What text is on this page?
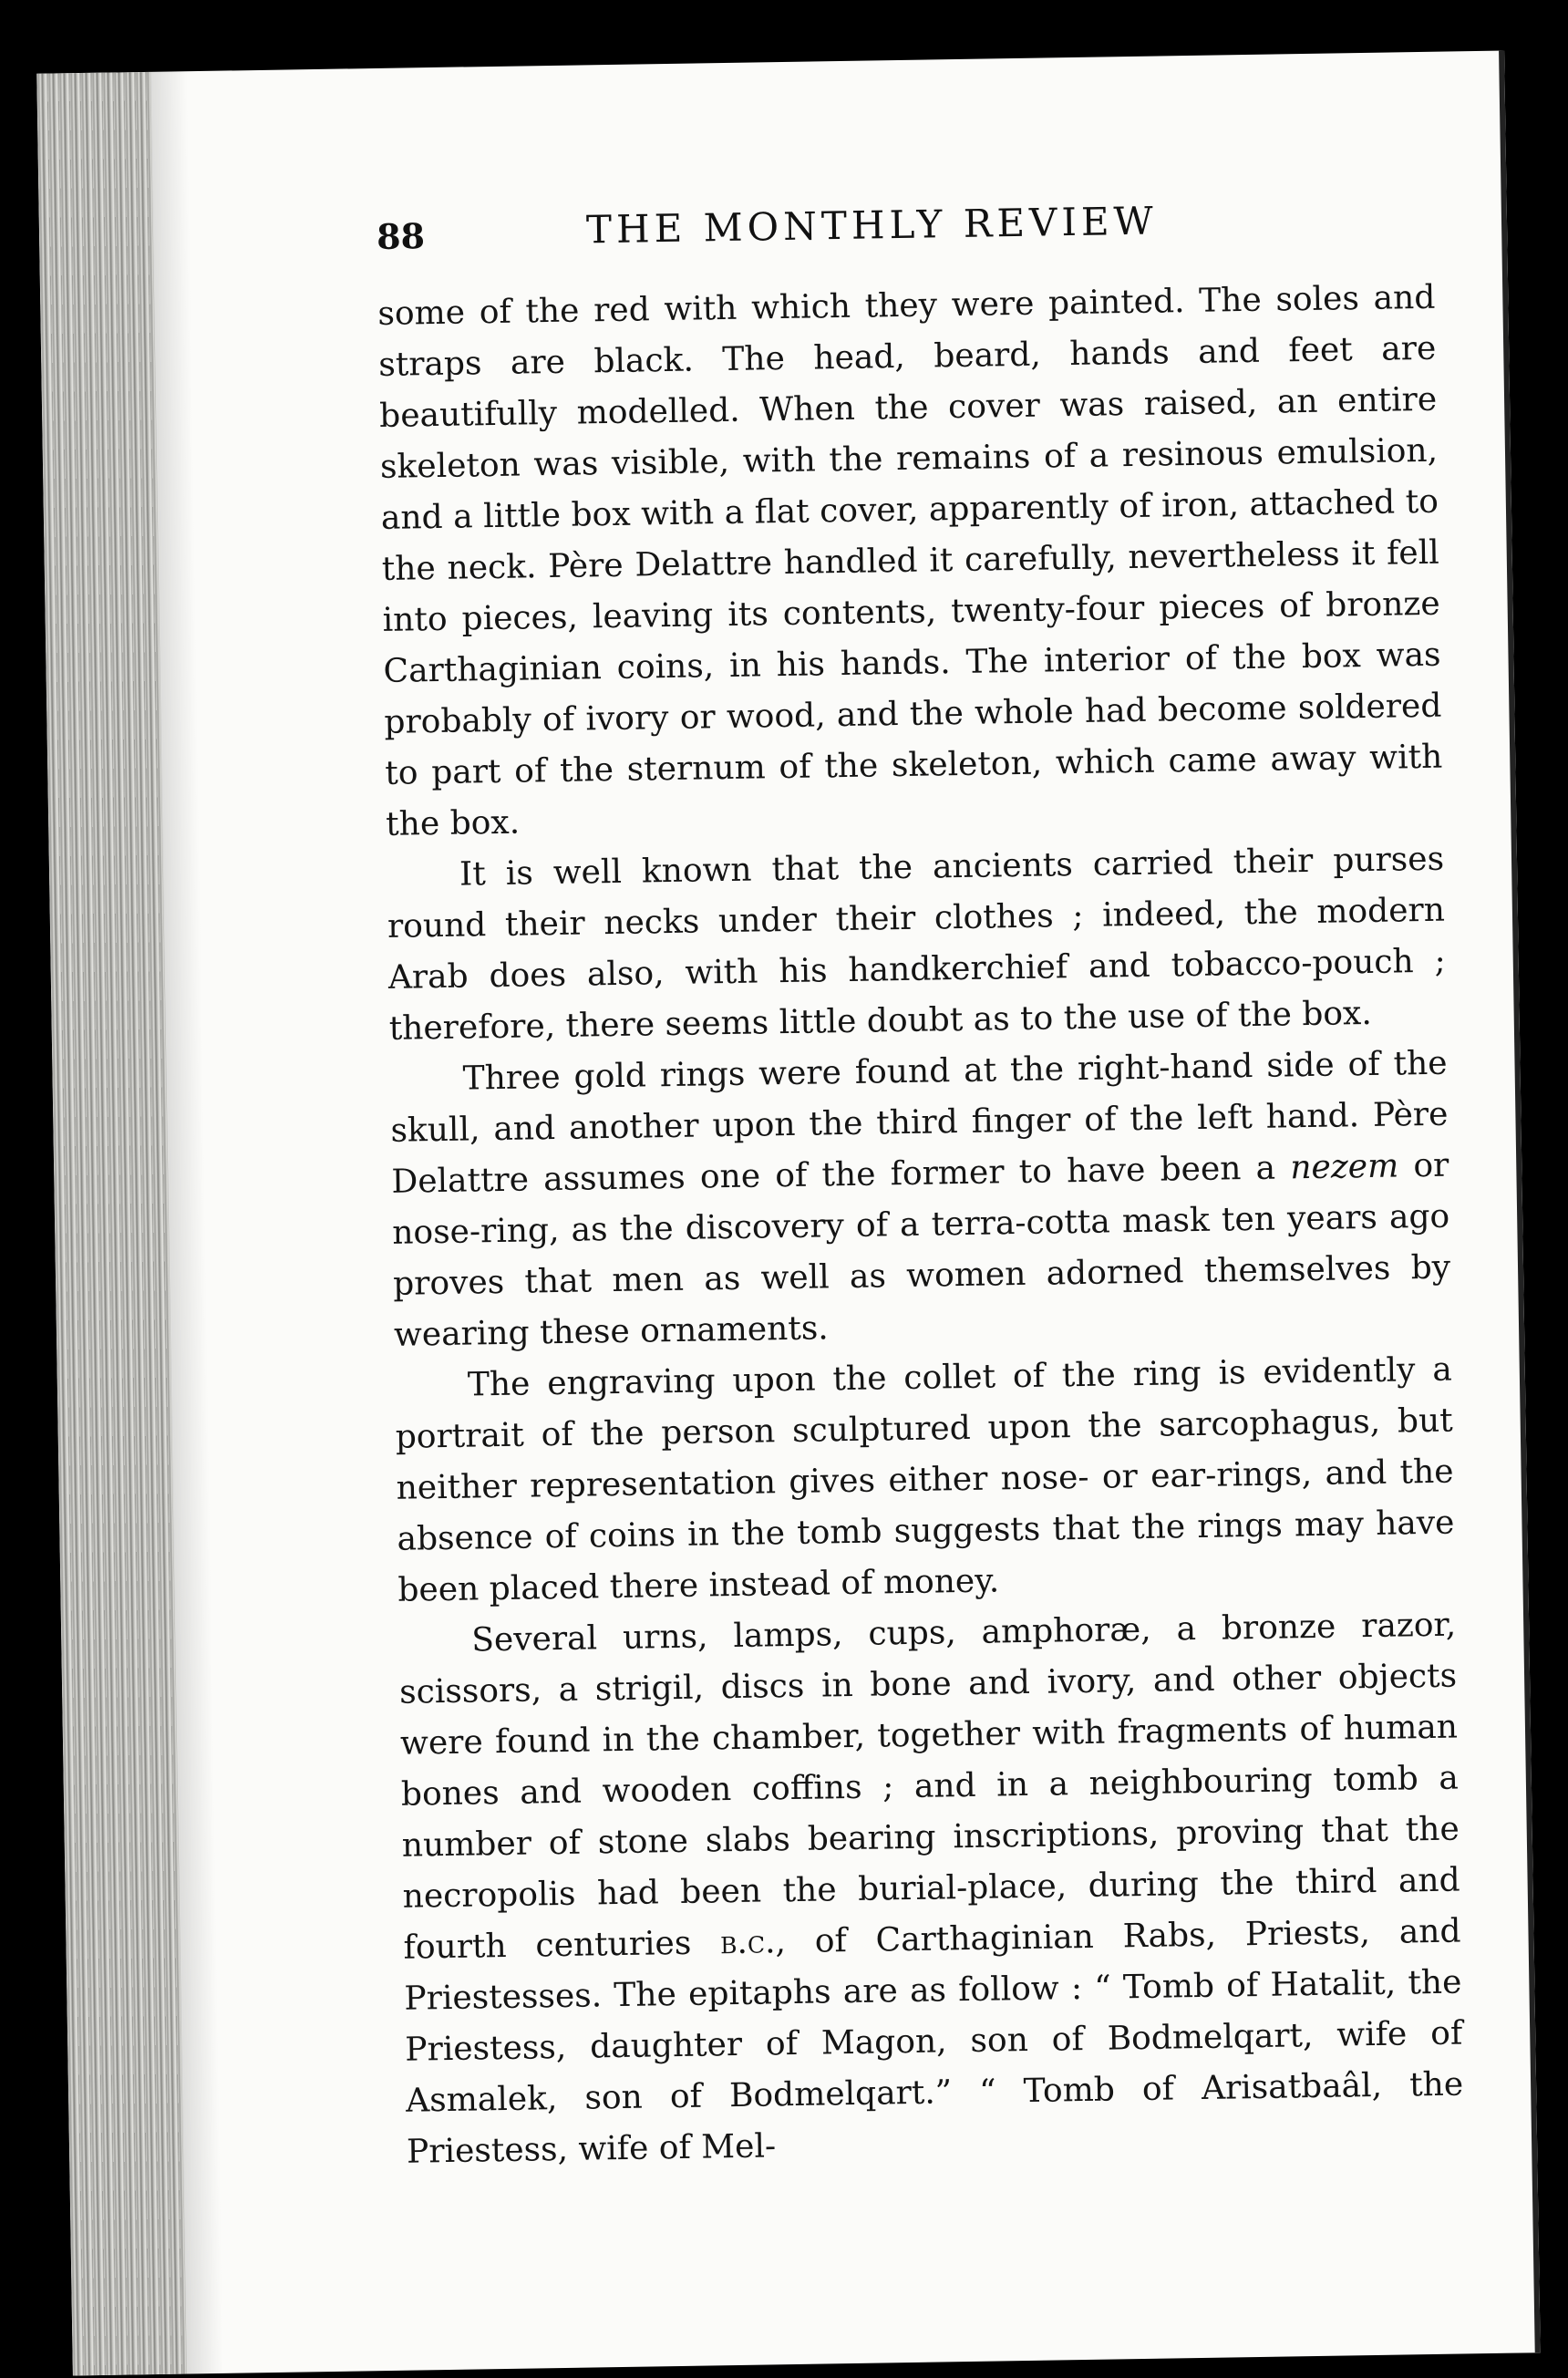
88	THE MONTHLY REVIEW

some of the red with which they were painted. The soles and straps are black. The head, beard, hands and feet are beautifully modelled. When the cover was raised, an entire skeleton was visible, with the remains of a resinous emulsion, and a little box with a flat cover, apparently of iron, attached to the neck. Père Delattre handled it carefully, nevertheless it fell into pieces, leaving its contents, twenty-four pieces of bronze Carthaginian coins, in his hands. The interior of the box was probably of ivory or wood, and the whole had become soldered to part of the sternum of the skeleton, which came away with the box.

It is well known that the ancients carried their purses round their necks under their clothes ; indeed, the modern Arab does also, with his handkerchief and tobacco-pouch ; therefore, there seems little doubt as to the use of the box.

Three gold rings were found at the right-hand side of the skull, and another upon the third finger of the left hand. Père Delattre assumes one of the former to have been a nezem or nose-ring, as the discovery of a terra-cotta mask ten years ago proves that men as well as women adorned themselves by wearing these ornaments.

The engraving upon the collet of the ring is evidently a portrait of the person sculptured upon the sarcophagus, but neither representation gives either nose- or ear-rings, and the absence of coins in the tomb suggests that the rings may have been placed there instead of money.

Several urns, lamps, cups, amphoræ, a bronze razor, scissors, a strigil, discs in bone and ivory, and other objects were found in the chamber, together with fragments of human bones and wooden coffins ; and in a neighbouring tomb a number of stone slabs bearing inscriptions, proving that the necropolis had been the burial-place, during the third and fourth centuries b.c., of Carthaginian Rabs, Priests, and Priestesses. The epitaphs are as follow : “ Tomb of Hatalit, the Priestess, daughter of Magon, son of Bodmelqart, wife of Asmalek, son of Bodmelqart.” “ Tomb of Arisatbaâl, the Priestess, wife of Mel-
